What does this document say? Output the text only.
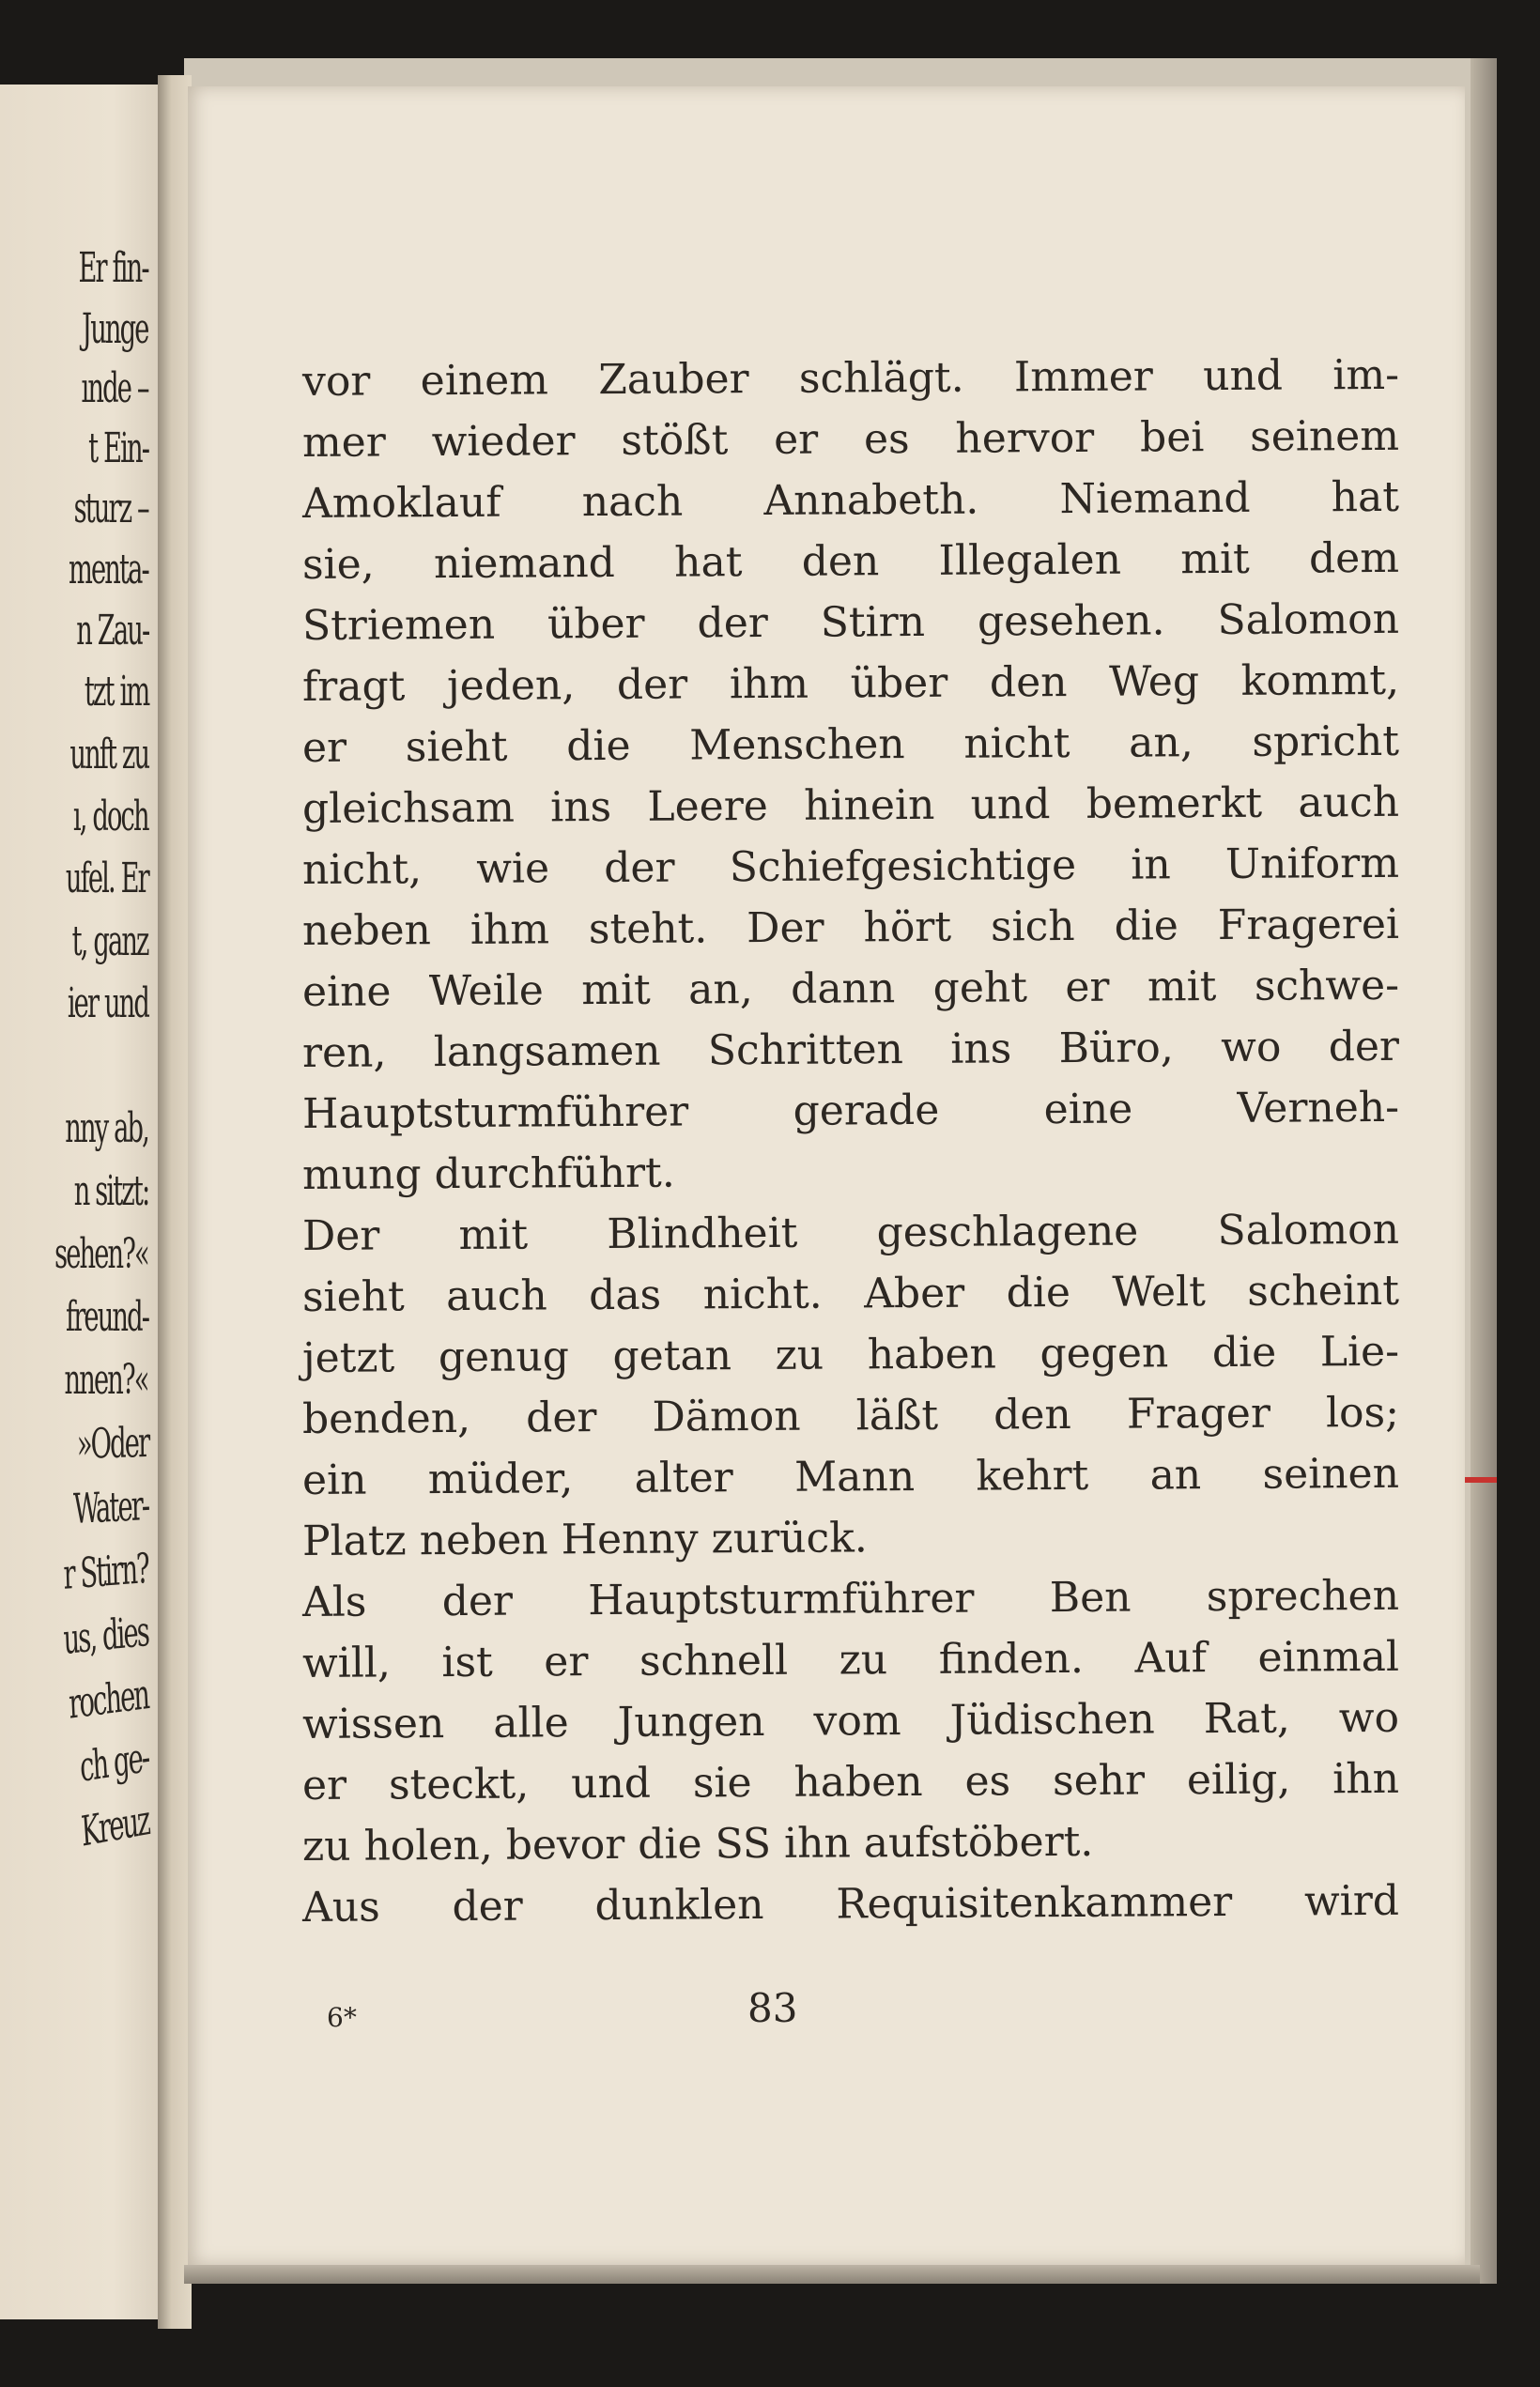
Er fin-
Junge
ınde –
t Ein-
sturz –
menta-
n Zau-
tzt im
unft zu
ı, doch
ufel. Er
t, ganz
ier und
nny ab,
n sitzt:
sehen?«
freund-
nnen?«
»Oder
Water-
r Stirn?
us, dies
rochen
ch ge-
Kreuz
vor einem Zauber schlägt. Immer und im-
mer wieder stößt er es hervor bei seinem
Amoklauf nach Annabeth. Niemand hat
sie, niemand hat den Illegalen mit dem
Striemen über der Stirn gesehen. Salomon
fragt jeden, der ihm über den Weg kommt,
er sieht die Menschen nicht an, spricht
gleichsam ins Leere hinein und bemerkt auch
nicht, wie der Schiefgesichtige in Uniform
neben ihm steht. Der hört sich die Fragerei
eine Weile mit an, dann geht er mit schwe-
ren, langsamen Schritten ins Büro, wo der
Hauptsturmführer gerade eine Verneh-
mung durchführt.
Der mit Blindheit geschlagene Salomon
sieht auch das nicht. Aber die Welt scheint
jetzt genug getan zu haben gegen die Lie-
benden, der Dämon läßt den Frager los;
ein müder, alter Mann kehrt an seinen
Platz neben Henny zurück.
Als der Hauptsturmführer Ben sprechen
will, ist er schnell zu finden. Auf einmal
wissen alle Jungen vom Jüdischen Rat, wo
er steckt, und sie haben es sehr eilig, ihn
zu holen, bevor die SS ihn aufstöbert.
Aus der dunklen Requisitenkammer wird
6*	83
